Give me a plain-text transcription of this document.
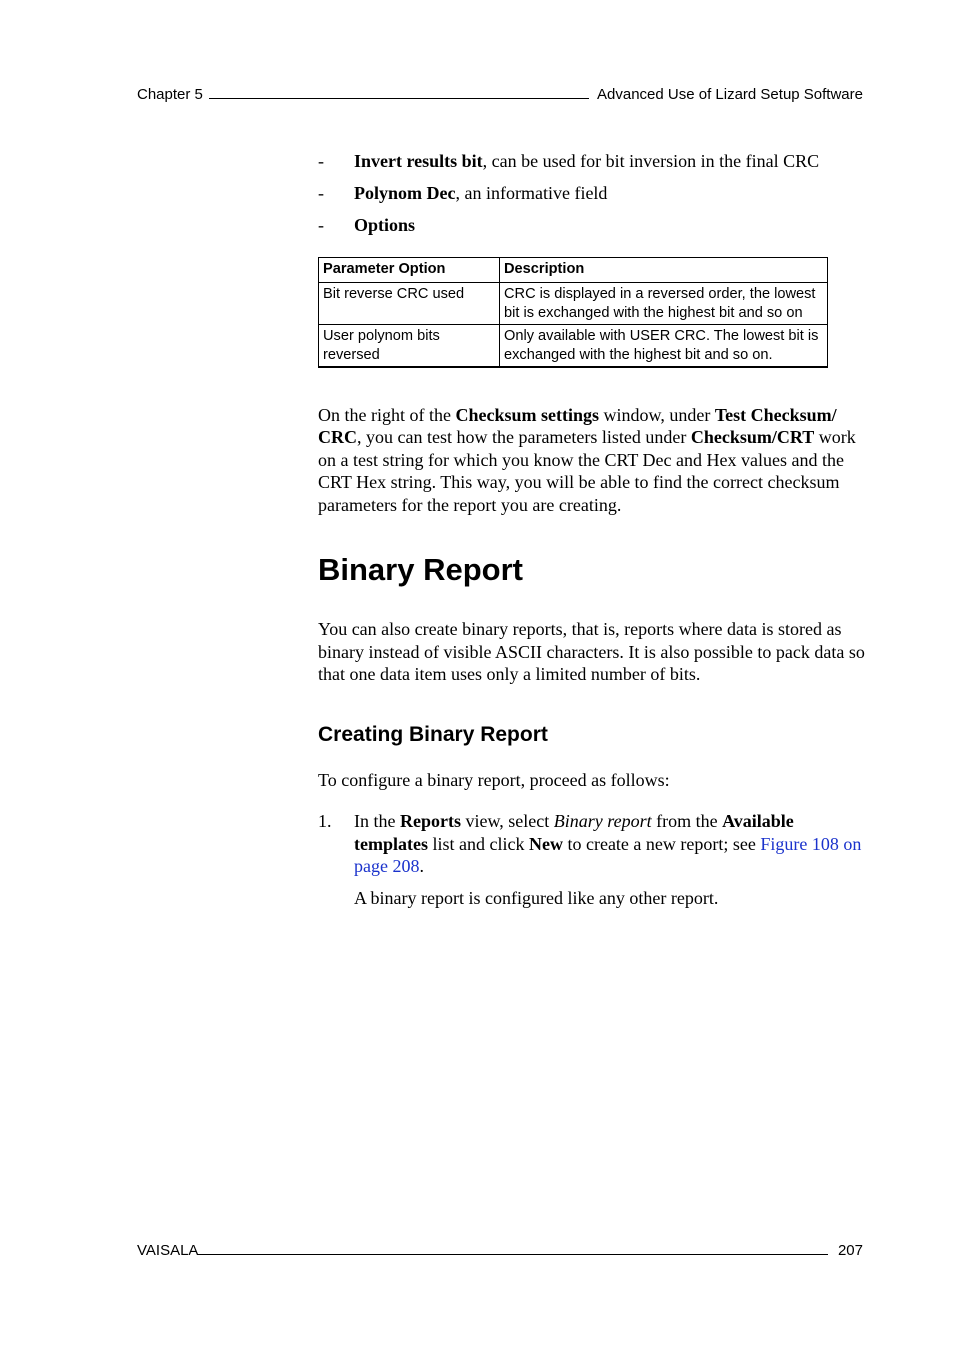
Chapter 5	Advanced Use of Lizard Setup Software
- Invert results bit, can be used for bit inversion in the final CRC
- Polynom Dec, an informative field
- Options
Parameter Option	Description
Bit reverse CRC used	CRC is displayed in a reversed order, the lowest bit is exchanged with the highest bit and so on
User polynom bits reversed	Only available with USER CRC. The lowest bit is exchanged with the highest bit and so on.

On the right of the Checksum settings window, under Test Checksum/ CRC, you can test how the parameters listed under Checksum/CRT work on a test string for which you know the CRT Dec and Hex values and the CRT Hex string. This way, you will be able to find the correct checksum parameters for the report you are creating.

Binary Report

You can also create binary reports, that is, reports where data is stored as binary instead of visible ASCII characters. It is also possible to pack data so that one data item uses only a limited number of bits.

Creating Binary Report

To configure a binary report, proceed as follows:

1. In the Reports view, select Binary report from the Available templates list and click New to create a new report; see Figure 108 on page 208.

A binary report is configured like any other report.

VAISALA	207
